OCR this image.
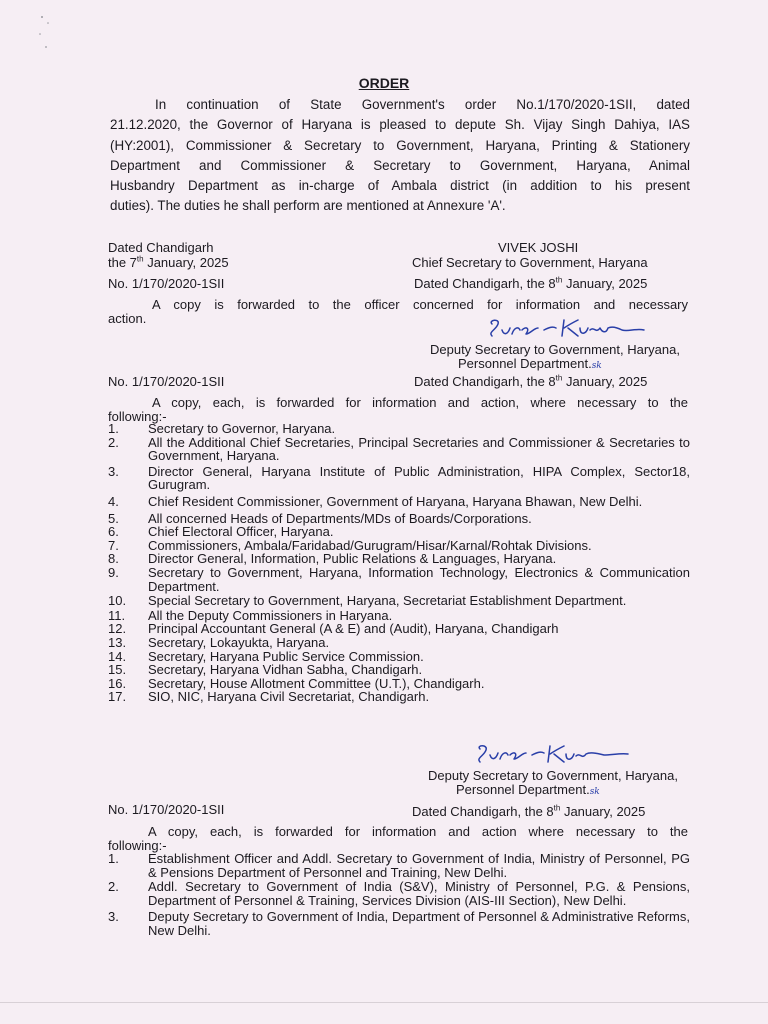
ORDER
In continuation of State Government's order No.1/170/2020-1SII, dated
21.12.2020, the Governor of Haryana is pleased to depute Sh. Vijay Singh Dahiya, IAS
(HY:2001), Commissioner & Secretary to Government, Haryana, Printing & Stationery
Department and Commissioner & Secretary to Government, Haryana, Animal
Husbandry Department as in-charge of Ambala district (in addition to his present
duties). The duties he shall perform are mentioned at Annexure 'A'.
Dated Chandigarh
the 7th January, 2025
VIVEK JOSHI
Chief Secretary to Government, Haryana
No. 1/170/2020-1SII	Dated Chandigarh, the 8th January, 2025
A copy is forwarded to the officer concerned for information and necessary
action.
Deputy Secretary to Government, Haryana,
Personnel Department.sk
No. 1/170/2020-1SII	Dated Chandigarh, the 8th January, 2025
A copy, each, is forwarded for information and action, where necessary to the
following:-
1. Secretary to Governor, Haryana.
2. All the Additional Chief Secretaries, Principal Secretaries and Commissioner & Secretaries to Government, Haryana.
3. Director General, Haryana Institute of Public Administration, HIPA Complex, Sector18, Gurugram.
4. Chief Resident Commissioner, Government of Haryana, Haryana Bhawan, New Delhi.
5. All concerned Heads of Departments/MDs of Boards/Corporations.
6. Chief Electoral Officer, Haryana.
7. Commissioners, Ambala/Faridabad/Gurugram/Hisar/Karnal/Rohtak Divisions.
8. Director General, Information, Public Relations & Languages, Haryana.
9. Secretary to Government, Haryana, Information Technology, Electronics & Communication Department.
10. Special Secretary to Government, Haryana, Secretariat Establishment Department.
11. All the Deputy Commissioners in Haryana.
12. Principal Accountant General (A & E) and (Audit), Haryana, Chandigarh
13. Secretary, Lokayukta, Haryana.
14. Secretary, Haryana Public Service Commission.
15. Secretary, Haryana Vidhan Sabha, Chandigarh.
16. Secretary, House Allotment Committee (U.T.), Chandigarh.
17. SIO, NIC, Haryana Civil Secretariat, Chandigarh.
Deputy Secretary to Government, Haryana,
Personnel Department.sk
No. 1/170/2020-1SII	Dated Chandigarh, the 8th January, 2025
A copy, each, is forwarded for information and action where necessary to the
following:-
1. Establishment Officer and Addl. Secretary to Government of India, Ministry of Personnel, PG & Pensions Department of Personnel and Training, New Delhi.
2. Addl. Secretary to Government of India (S&V), Ministry of Personnel, P.G. & Pensions, Department of Personnel & Training, Services Division (AIS-III Section), New Delhi.
3. Deputy Secretary to Government of India, Department of Personnel & Administrative Reforms, New Delhi.
